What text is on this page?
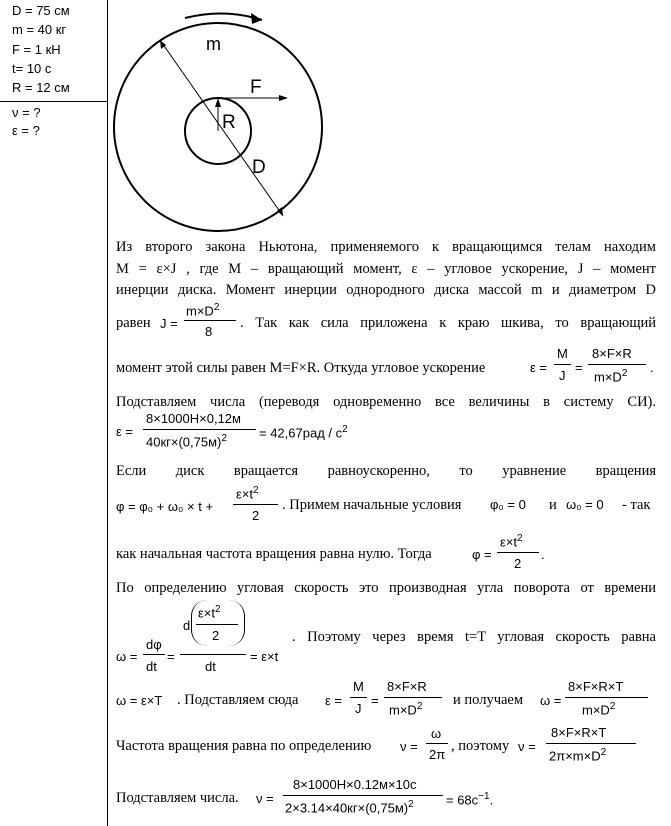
D = 75 см
m = 40 кг
F = 1 кН
t= 10 с
R = 12 см
ν = ?
ε = ?
m
F
R
D
Из второго закона Ньютона, применяемого к вращающимся телам находим
M = ε×J , где M – вращающий момент, ε – угловое ускорение, J – момент
инерции диска. Момент инерции однородного диска массой m и диаметром D
равен J =
$m\times D^2$
8
. Так как сила приложена к краю шкива, то вращающий
момент этой силы равен M=F×R. Откуда угловое ускорение	ε =
M
J
=
8×F×R
$m\times D^2$ .
Подставляем числа (переводя одновременно все величины в систему СИ).
ε =
8×1000Н×0,12м
$40кг\times(0,75м)^2 = 42,67рад / с^2$
Если диск вращается равноускоренно, то уравнение вращения
φ = φ₀ + ω₀ × t +
$\varepsilon\times t^2$
2
. Примем начальные условия φ₀ = 0 и ω₀ = 0 - так
как начальная частота вращения равна нулю. Тогда	φ =
$\varepsilon\times t^2$
2
.
По определению угловая скорость это производная угла поворота от времени
ω =
dφ
dt
=
d
$\varepsilon\times t^2$
2
dt
= ε×t
. Поэтому через время t=T угловая скорость равна
ω = ε×T . Подставляем сюда ε =
M
J
=
8×F×R
$m\times D^2$ и получаем ω =
8×F×R×T
$m\times D^2$
Частота вращения равна по определению ν =
ω
2π
, поэтому ν =
8×F×R×T
$2\pi\times m\times D^2$
Подставляем числа. ν =
8×1000Н×0.12м×10с
$2\times 3.14\times 40кг\times(0,75м)^2 = 68с^{-1}$.
